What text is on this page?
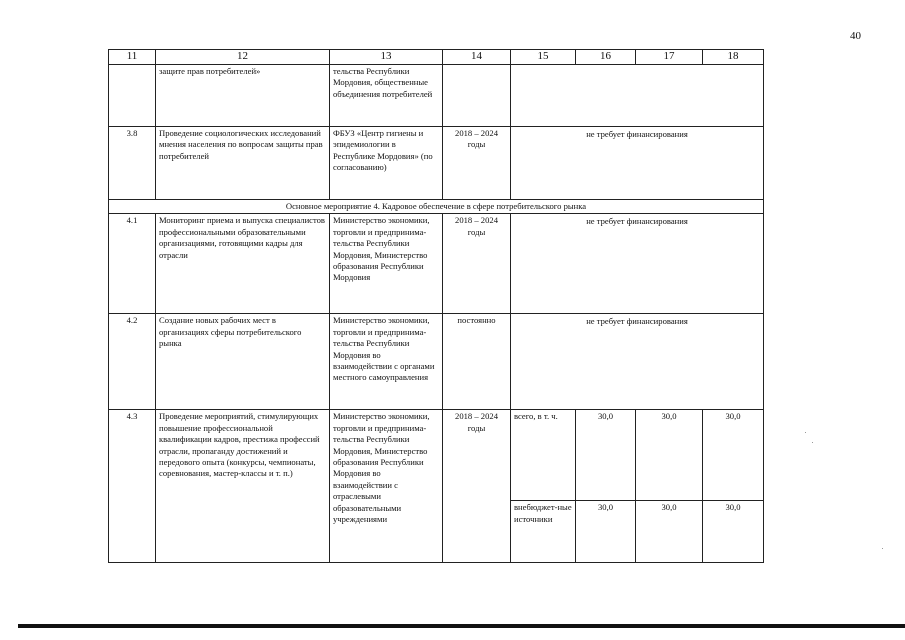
40
11	12	13	14	15	16	17	18
	защите прав потребителей»	тельства Республики Мордовия, общественные объединения потребителей					
3.8	Проведение социологических исследований мнения населения по вопросам защиты прав потребителей	ФБУЗ «Центр гигиены и эпидемиологии в Республике Мордовия» (по согласованию)	2018 – 2024 годы	не требует финансирования			
Основное мероприятие 4. Кадровое обеспечение в сфере потребительского рынка							
4.1	Мониторинг приема и выпуска специалистов профессиональными образовательными организациями, готовящими кадры для отрасли	Министерство экономики, торговли и предпринима-тельства Республики Мордовия, Министерство образования Республики Мордовия	2018 – 2024 годы	не требует финансирования			
4.2	Создание новых рабочих мест в организациях сферы потребительского рынка	Министерство экономики, торговли и предпринима-тельства Республики Мордовия во взаимодействии с органами местного самоуправления	постоянно	не требует финансирования			
4.3	Проведение мероприятий, стимулирующих повышение профессиональной квалификации кадров, престижа профессий отрасли, пропаганду достижений и передового опыта (конкурсы, чемпионаты, соревнования, мастер-классы и т. п.)	Министерство экономики, торговли и предпринима-тельства Республики Мордовия, Министерство образования Республики Мордовия во взаимодействии с отраслевыми образовательными учреждениями	2018 – 2024 годы	всего, в т. ч.	30,0	30,0	30,0
				внебюджет-ные источники	30,0	30,0	30,0
